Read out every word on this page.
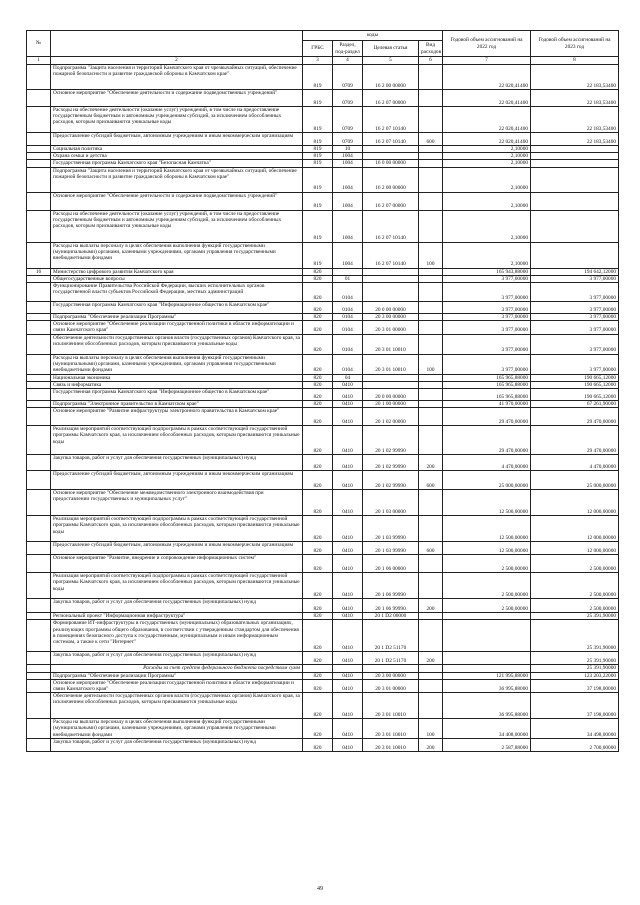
№		коды				Годовой объем ассигнований на 2022 год	Годовой объем ассигнований на 2023 год
		ГРБС	Раздел, под-раздел	Целевая статья	Вид расходов		
1	2	3	4	5	6	7	8
	Подпрограмма "Защита населения и территорий Камчатского края от чрезвычайных ситуаций, обеспечение пожарной безопасности и развитие гражданской обороны в Камчатском крае"	819	0709	16 2 00 00000		22 020,41400	22 183,53400
	Основное мероприятие "Обеспечение деятельности и содержание подведомственных учреждений"	819	0709	16 2 07 00000		22 020,41400	22 183,53400
	Расходы на обеспечение деятельности (оказание услуг) учреждений, в том числе на предоставление государственным бюджетным и автономным учреждениям субсидий, за исключением обособленных расходов, которым присваиваются уникальные коды	819	0709	16 2 07 10140		22 020,41400	22 183,53400
	Предоставление субсидий бюджетным, автономным учреждениям и иным некоммерческим организациям	819	0709	16 2 07 10140	600	22 020,41400	22 183,53400
	Социальная политика	819	10			2,10000	
	Охрана семьи и детства	819	1004			2,10000	
	Государственная программа Камчатского края "Безопасная Камчатка"	819	1004	16 0 00 00000		2,10000	
	Подпрограмма "Защита населения и территорий Камчатского края от чрезвычайных ситуаций, обеспечение пожарной безопасности и развитие гражданской обороны в Камчатском крае"	819	1004	16 2 00 00000		2,10000	
	Основное мероприятие "Обеспечение деятельности и содержание подведомственных учреждений"	819	1004	16 2 07 00000		2,10000	
	Расходы на обеспечение деятельности (оказание услуг) учреждений, в том числе на предоставление государственным бюджетным и автономным учреждениям субсидий, за исключением обособленных расходов, которым присваиваются уникальные коды	819	1004	16 2 07 10140		2,10000	
	Расходы на выплаты персоналу в целях обеспечения выполнения функций государственными (муниципальными) органами, казенными учреждениями, органами управления государственными внебюджетными фондами	819	1004	16 2 07 10140	100	2,10000	
16	Министерство цифрового развития Камчатского края	820				165 943,88000	194 642,12000
	Общегосударственные вопросы	820	01			3 977,00000	3 977,00000
	Функционирование Правительства Российской Федерации, высших исполнительных органов государственной власти субъектов Российской Федерации, местных администраций	820	0104			3 977,00000	3 977,00000
	Государственная программа Камчатского края "Информационное общество в Камчатском крае"	820	0104	20 0 00 00000		3 977,00000	3 977,00000
	Подпрограмма "Обеспечение реализации Программы"	820	0104	20 3 00 00000		3 977,00000	3 977,00000
	Основное мероприятие "Обеспечение реализации государственной политики в области информатизации и связи Камчатского края"	820	0104	20 3 01 00000		3 977,00000	3 977,00000
	Обеспечение деятельности государственных органов власти (государственных органов) Камчатского края, за исключением обособленных расходов, которым присваиваются уникальные коды	820	0104	20 3 01 10010		3 977,00000	3 977,00000
	Расходы на выплаты персоналу в целях обеспечения выполнения функций государственными (муниципальными) органами, казенными учреждениями, органами управления государственными внебюджетными фондами	820	0104	20 3 01 10010	100	3 977,00000	3 977,00000
	Национальная экономика	820	04			165 965,88000	190 665,12000
	Связь и информатика	820	0410			165 965,88000	190 665,12000
	Государственная программа Камчатского края "Информационное общество в Камчатском крае"	820	0410	20 0 00 00000		165 965,88000	190 665,12000
	Подпрограмма "Электронное правительство в Камчатском крае"	820	0410	20 1 00 00000		41 970,00000	67 261,90000
	Основное мероприятие "Развитие инфраструктуры электронного правительства в Камчатском крае"	820	0410	20 1 02 00000		29 470,00000	29 470,00000
	Реализация мероприятий соответствующей подпрограммы в рамках соответствующей государственной программы Камчатского края, за исключением обособленных расходов, которым присваиваются уникальные коды	820	0410	20 1 02 99990		29 470,00000	29 470,00000
	Закупка товаров, работ и услуг для обеспечения государственных (муниципальных) нужд	820	0410	20 1 02 99990	200	4 470,00000	4 470,00000
	Предоставление субсидий бюджетным, автономным учреждениям и иным некоммерческим организациям	820	0410	20 1 02 99990	600	25 000,00000	25 000,00000
	Основное мероприятие "Обеспечение межведомственного электронного взаимодействия при предоставлении государственных и муниципальных услуг"	820	0410	20 1 03 00000		12 500,00000	12 000,00000
	Реализация мероприятий соответствующей подпрограммы в рамках соответствующей государственной программы Камчатского края, за исключением обособленных расходов, которым присваиваются уникальные коды	820	0410	20 1 03 99990		12 500,00000	12 000,00000
	Предоставление субсидий бюджетным, автономным учреждениям и иным некоммерческим организациям	820	0410	20 1 03 99990	600	12 500,00000	12 000,00000
	Основное мероприятие "Развитие, внедрение и сопровождение информационных систем"	820	0410	20 1 06 00000		2 500,00000	2 500,00000
	Реализация мероприятий соответствующей подпрограммы в рамках соответствующей государственной программы Камчатского края, за исключением обособленных расходов, которым присваиваются уникальные коды	820	0410	20 1 06 99990		2 500,00000	2 500,00000
	Закупка товаров, работ и услуг для обеспечения государственных (муниципальных) нужд	820	0410	20 1 06 99990	200	2 500,00000	2 500,00000
	Региональный проект "Информационная инфраструктура"	820	0410	20 1 D2 00000			25 391,90000
	Формирование ИТ-инфраструктуры в государственных (муниципальных) образовательных организациях, реализующих программы общего образования, в соответствии с утвержденным стандартом для обеспечения в помещениях безопасного доступа к государственным, муниципальным и иным информационным системам, а также к сети "Интернет"	820	0410	20 1 D2 51170			25 391,90000
	Закупка товаров, работ и услуг для обеспечения государственных (муниципальных) нужд	820	0410	20 1 D2 51170	200		25 391,90000
	Расходы за счет средств федерального бюджета посредством сумм						25 391,90000
	Подпрограмма "Обеспечение реализации Программы"	820	0410	20 3 00 00000		121 995,88000	123 203,22000
	Основное мероприятие "Обеспечение реализации государственной политики в области информатизации и связи Камчатского края"	820	0410	20 3 01 00000		36 995,88000	37 198,00000
	Обеспечение деятельности государственных органов власти (государственных органов) Камчатского края, за исключением обособленных расходов, которым присваиваются уникальные коды	820	0410	20 3 01 10010		36 995,88000	37 198,00000
	Расходы на выплаты персоналу в целях обеспечения выполнения функций государственными (муниципальными) органами, казенными учреждениями, органами управления государственными внебюджетными фондами	820	0410	20 3 01 10010	100	34 408,00000	34 498,00000
	Закупка товаров, работ и услуг для обеспечения государственных (муниципальных) нужд	820	0410	20 3 01 10010	200	2 587,88000	2 700,00000
49
